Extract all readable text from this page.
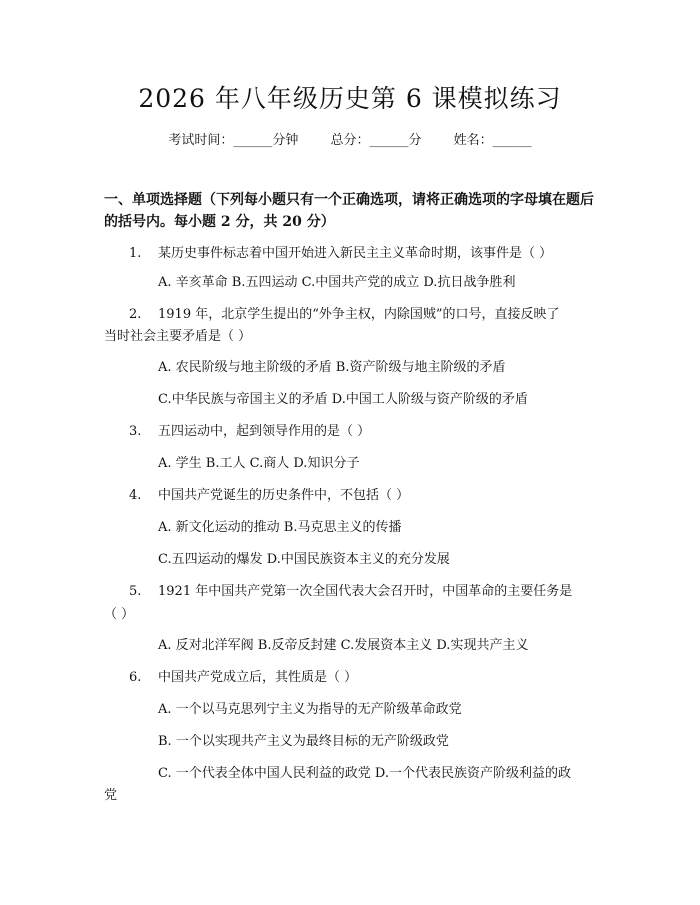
2026 年八年级历史第 6 课模拟练习
考试时间：______分钟 总分：______分 姓名：______
一、单项选择题（下列每小题只有一个正确选项，请将正确选项的字母填在题后的括号内。每小题 2 分，共 20 分）
1. 某历史事件标志着中国开始进入新民主主义革命时期，该事件是（ ）
A. 辛亥革命 B.五四运动 C.中国共产党的成立 D.抗日战争胜利
2. 1919 年，北京学生提出的“外争主权，内除国贼”的口号，直接反映了
当时社会主要矛盾是（ ）
A. 农民阶级与地主阶级的矛盾 B.资产阶级与地主阶级的矛盾
C.中华民族与帝国主义的矛盾 D.中国工人阶级与资产阶级的矛盾
3. 五四运动中，起到领导作用的是（ ）
A. 学生 B.工人 C.商人 D.知识分子
4. 中国共产党诞生的历史条件中，不包括（ ）
A. 新文化运动的推动 B.马克思主义的传播
C.五四运动的爆发 D.中国民族资本主义的充分发展
5. 1921 年中国共产党第一次全国代表大会召开时，中国革命的主要任务是
（ ）
A. 反对北洋军阀 B.反帝反封建 C.发展资本主义 D.实现共产主义
6. 中国共产党成立后，其性质是（ ）
A. 一个以马克思列宁主义为指导的无产阶级革命政党
B. 一个以实现共产主义为最终目标的无产阶级政党
C. 一个代表全体中国人民利益的政党 D.一个代表民族资产阶级利益的政
党
